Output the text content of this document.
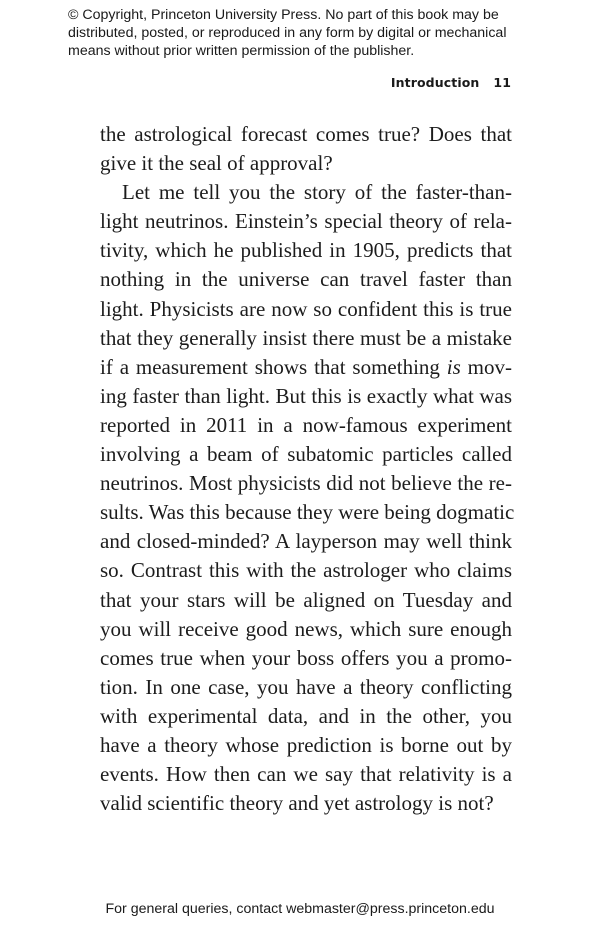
© Copyright, Princeton University Press. No part of this book may be
distributed, posted, or reproduced in any form by digital or mechanical
means without prior written permission of the publisher.
Introduction 11
the astrological forecast comes true? Does that
give it the seal of approval?
Let me tell you the story of the faster-than-
light neutrinos. Einstein’s special theory of rela-
tivity, which he published in 1905, predicts that
nothing in the universe can travel faster than
light. Physicists are now so confident this is true
that they generally insist there must be a mistake
if a measurement shows that something is mov-
ing faster than light. But this is exactly what was
reported in 2011 in a now-famous experiment
involving a beam of subatomic particles called
neutrinos. Most physicists did not believe the re-
sults. Was this because they were being dogmatic
and closed-minded? A layperson may well think
so. Contrast this with the astrologer who claims
that your stars will be aligned on Tuesday and
you will receive good news, which sure enough
comes true when your boss offers you a promo-
tion. In one case, you have a theory conflicting
with experimental data, and in the other, you
have a theory whose prediction is borne out by
events. How then can we say that relativity is a
valid scientific theory and yet astrology is not?
For general queries, contact webmaster@press.princeton.edu
